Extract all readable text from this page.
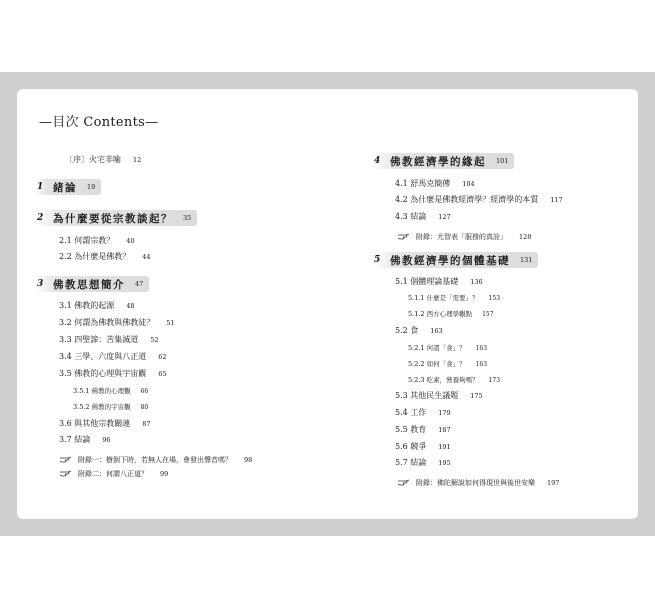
—目次 Contents—
〔序〕火宅非喻 12
1 緒論 19
2 為什麼要從宗教談起？ 35
2.1 何謂宗教？ 40
2.2 為什麼是佛教？ 44
3 佛教思想簡介 47
3.1 佛教的起源 48
3.2 何謂為佛教與佛教徒？ 51
3.3 四聖諦：苦集滅道 52
3.4 三學、六度與八正道 62
3.5 佛教的心理與宇宙觀 65
3.5.1 佛教的心理觀 66
3.5.2 佛教的宇宙觀 80
3.6 與其他宗教關連 87
3.7 結論 96
附錄一：樹倒下時，若無人在場，會發出聲音嗎？ 98
附錄二：何謂八正道？ 99
4 佛教經濟學的緣起 101
4.1 舒馬克簡傳 104
4.2 為什麼是佛教經濟學？經濟學的本質 117
4.3 結論 127
附錄：尤智表「服務的真詮」 128
5 佛教經濟學的個體基礎 131
5.1 個體理論基礎 136
5.1.1 什麼是「需要」？ 153
5.1.2 西方心理學觀點 157
5.2 食 163
5.2.1 何謂「食」？ 163
5.2.2 如何「食」？ 163
5.2.3 吃素，營養夠嗎？ 173
5.3 其他民生議題 175
5.4 工作 179
5.5 教育 187
5.6 競爭 191
5.7 結論 195
附錄：佛陀解說如何得現世與後世安樂 197
